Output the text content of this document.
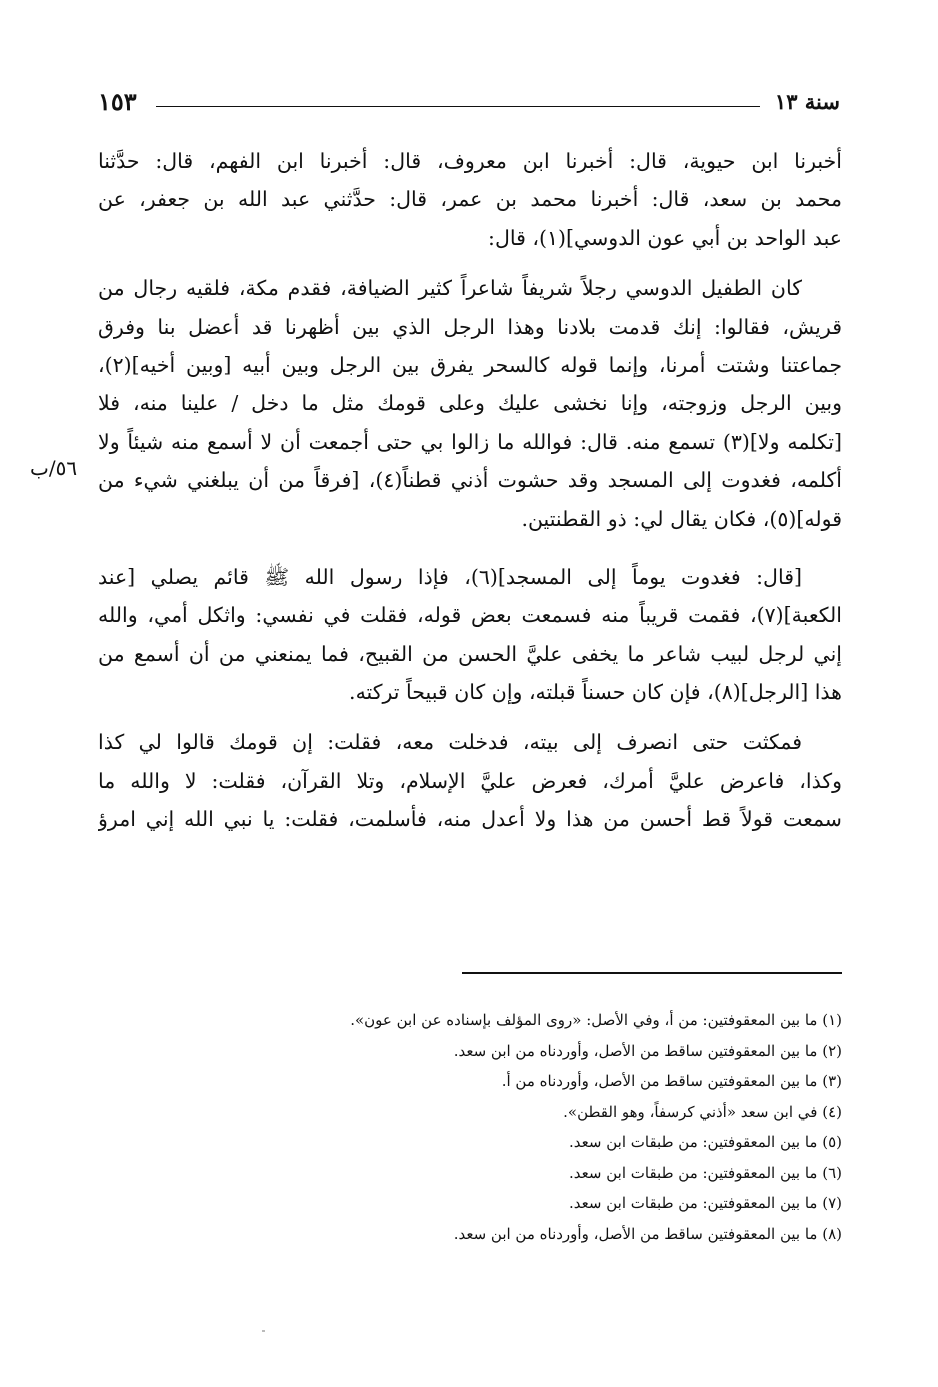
١٥٣	سنة ١٣
أخبرنا ابن حيوية، قال: أخبرنا ابن معروف، قال: أخبرنا ابن الفهم، قال: حدَّثنا
محمد بن سعد، قال: أخبرنا محمد بن عمر، قال: حدَّثني عبد الله بن جعفر، عن
عبد الواحد بن أبي عون الدوسي](١)، قال:
كان الطفيل الدوسي رجلاً شريفاً شاعراً كثير الضيافة، فقدم مكة، فلقيه رجال من
قريش، فقالوا: إنك قدمت بلادنا وهذا الرجل الذي بين أظهرنا قد أعضل بنا وفرق
جماعتنا وشتت أمرنا، وإنما قوله كالسحر يفرق بين الرجل وبين أبيه [وبين أخيه](٢)،
وبين الرجل وزوجته، وإنا نخشى عليك وعلى قومك مثل ما دخل / علينا منه، فلا
[تكلمه ولا](٣) تسمع منه. قال: فوالله ما زالوا بي حتى أجمعت أن لا أسمع منه شيئاً ولا
أكلمه، فغدوت إلى المسجد وقد حشوت أذني قطناً(٤)، [فرقاً من أن يبلغني شيء من
قوله](٥)، فكان يقال لي: ذو القطنتين.
[قال: فغدوت يوماً إلى المسجد](٦)، فإذا رسول الله ﷺ قائم يصلي [عند
الكعبة](٧)، فقمت قريباً منه فسمعت بعض قوله، فقلت في نفسي: واثكل أمي، والله
إني لرجل لبيب شاعر ما يخفى عليَّ الحسن من القبيح، فما يمنعني من أن أسمع من
هذا [الرجل](٨)، فإن كان حسناً قبلته، وإن كان قبيحاً تركته.
فمكثت حتى انصرف إلى بيته، فدخلت معه، فقلت: إن قومك قالوا لي كذا
وكذا، فاعرض عليَّ أمرك، فعرض عليَّ الإسلام، وتلا القرآن، فقلت: لا والله ما
سمعت قولاً قط أحسن من هذا ولا أعدل منه، فأسلمت، فقلت: يا نبي الله إني امرؤ
٥٦/ب
(١) ما بين المعقوفتين: من أ، وفي الأصل: «روى المؤلف بإسناده عن ابن عون».
(٢) ما بين المعقوفتين ساقط من الأصل، وأوردناه من ابن سعد.
(٣) ما بين المعقوفتين ساقط من الأصل، وأوردناه من أ.
(٤) في ابن سعد «أذني كرسفاً، وهو القطن».
(٥) ما بين المعقوفتين: من طبقات ابن سعد.
(٦) ما بين المعقوفتين: من طبقات ابن سعد.
(٧) ما بين المعقوفتين: من طبقات ابن سعد.
(٨) ما بين المعقوفتين ساقط من الأصل، وأوردناه من ابن سعد.
